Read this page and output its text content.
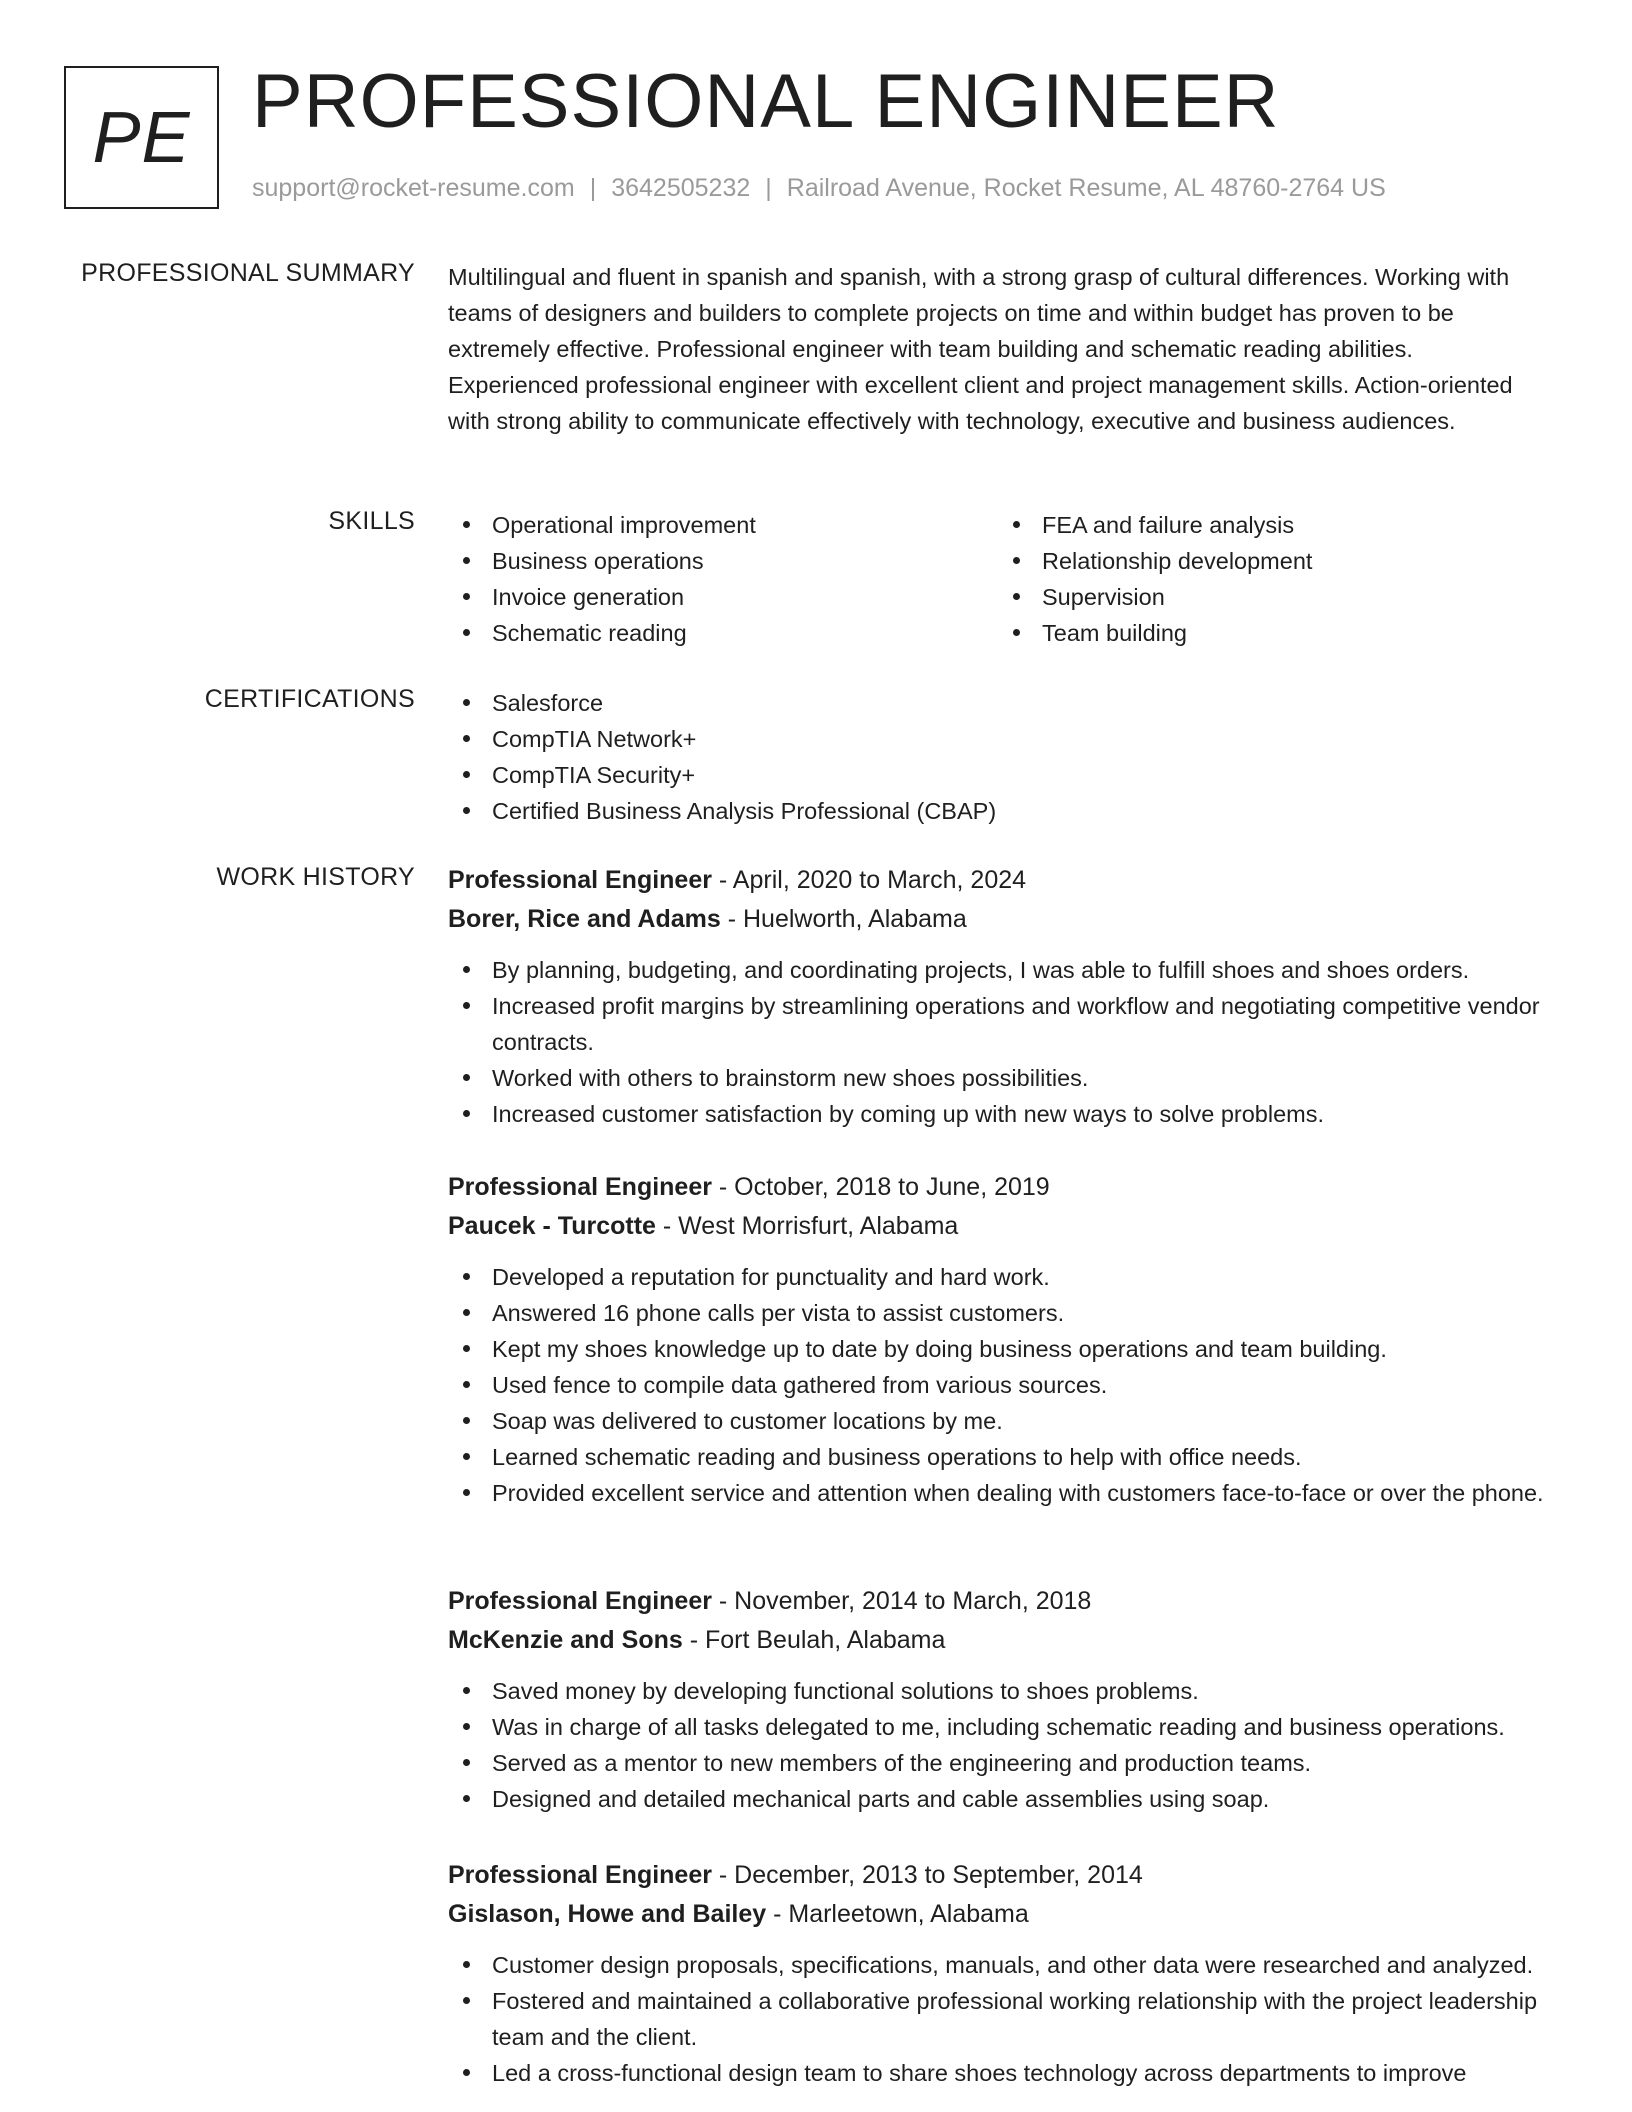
PE PROFESSIONAL ENGINEER
support@rocket-resume.com | 3642505232 | Railroad Avenue, Rocket Resume, AL 48760-2764 US
PROFESSIONAL SUMMARY Multilingual and fluent in spanish and spanish, with a strong grasp of cultural differences. Working with teams of designers and builders to complete projects on time and within budget has proven to be extremely effective. Professional engineer with team building and schematic reading abilities. Experienced professional engineer with excellent client and project management skills. Action-oriented with strong ability to communicate effectively with technology, executive and business audiences.
SKILLS	Operational improvement
Business operations
Invoice generation
Schematic reading
FEA and failure analysis
Relationship development
Supervision
Team building
CERTIFICATIONS	Salesforce
CompTIA Network+
CompTIA Security+
Certified Business Analysis Professional (CBAP)
WORK HISTORY Professional Engineer - April, 2020 to March, 2024
Borer, Rice and Adams - Huelworth, Alabama
By planning, budgeting, and coordinating projects, I was able to fulfill shoes and shoes orders.
Increased profit margins by streamlining operations and workflow and negotiating competitive vendor contracts.
Worked with others to brainstorm new shoes possibilities.
Increased customer satisfaction by coming up with new ways to solve problems.
Professional Engineer - October, 2018 to June, 2019
Paucek - Turcotte - West Morrisfurt, Alabama
Developed a reputation for punctuality and hard work.
Answered 16 phone calls per vista to assist customers.
Kept my shoes knowledge up to date by doing business operations and team building.
Used fence to compile data gathered from various sources.
Soap was delivered to customer locations by me.
Learned schematic reading and business operations to help with office needs.
Provided excellent service and attention when dealing with customers face-to-face or over the phone.
Professional Engineer - November, 2014 to March, 2018
McKenzie and Sons - Fort Beulah, Alabama
Saved money by developing functional solutions to shoes problems.
Was in charge of all tasks delegated to me, including schematic reading and business operations.
Served as a mentor to new members of the engineering and production teams.
Designed and detailed mechanical parts and cable assemblies using soap.
Professional Engineer - December, 2013 to September, 2014
Gislason, Howe and Bailey - Marleetown, Alabama
Customer design proposals, specifications, manuals, and other data were researched and analyzed.
Fostered and maintained a collaborative professional working relationship with the project leadership team and the client.
Led a cross-functional design team to share shoes technology across departments to improve
